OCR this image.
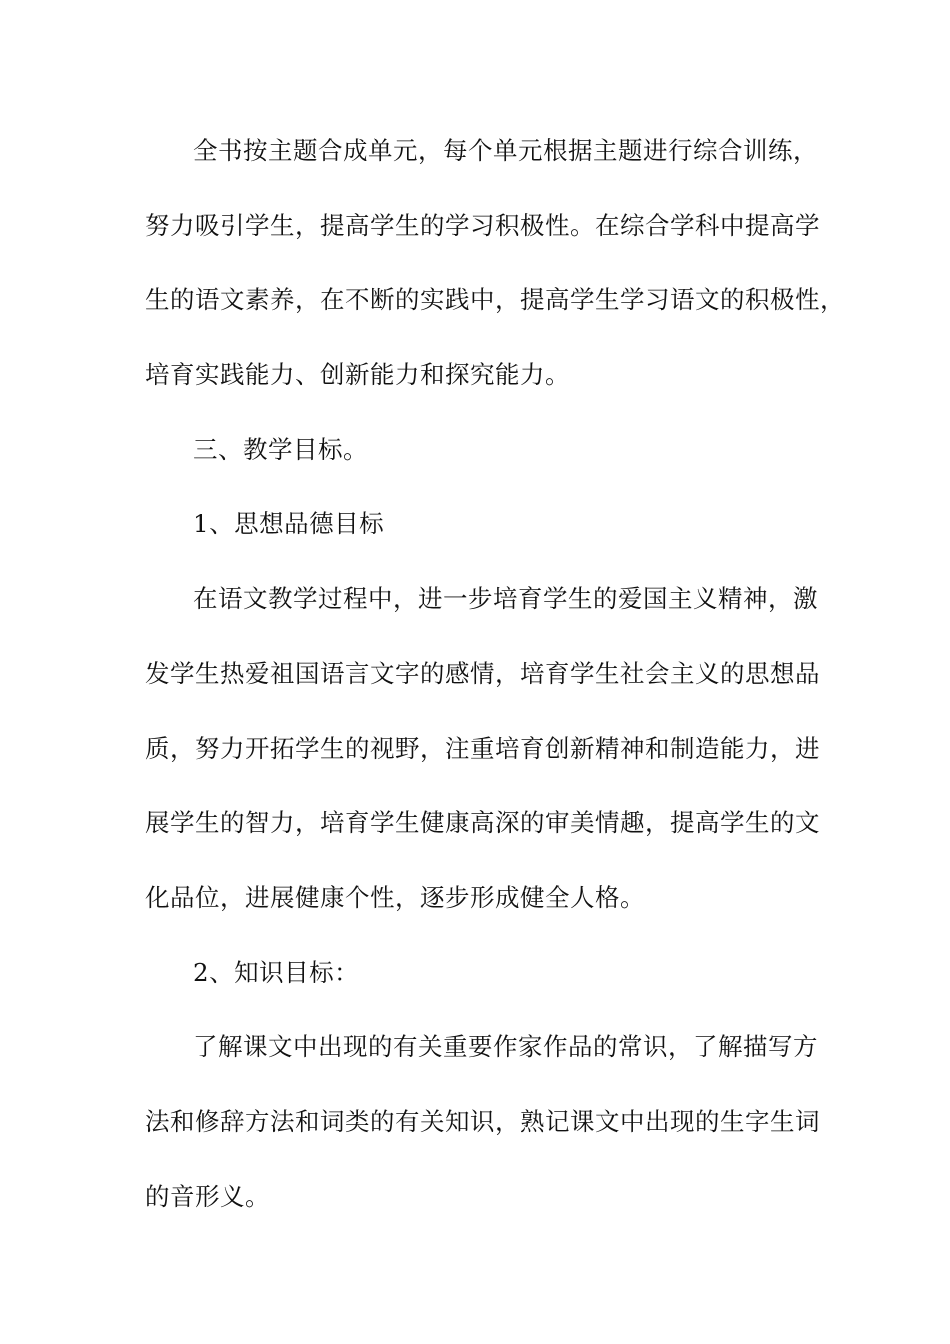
全书按主题合成单元，每个单元根据主题进行综合训练，
努力吸引学生，提高学生的学习积极性。在综合学科中提高学
生的语文素养，在不断的实践中，提高学生学习语文的积极性，
培育实践能力、创新能力和探究能力。
三、教学目标。
1、思想品德目标
在语文教学过程中，进一步培育学生的爱国主义精神，激
发学生热爱祖国语言文字的感情，培育学生社会主义的思想品
质，努力开拓学生的视野，注重培育创新精神和制造能力，进
展学生的智力，培育学生健康高深的审美情趣，提高学生的文
化品位，进展健康个性，逐步形成健全人格。
2、知识目标：
了解课文中出现的有关重要作家作品的常识，了解描写方
法和修辞方法和词类的有关知识，熟记课文中出现的生字生词
的音形义。
